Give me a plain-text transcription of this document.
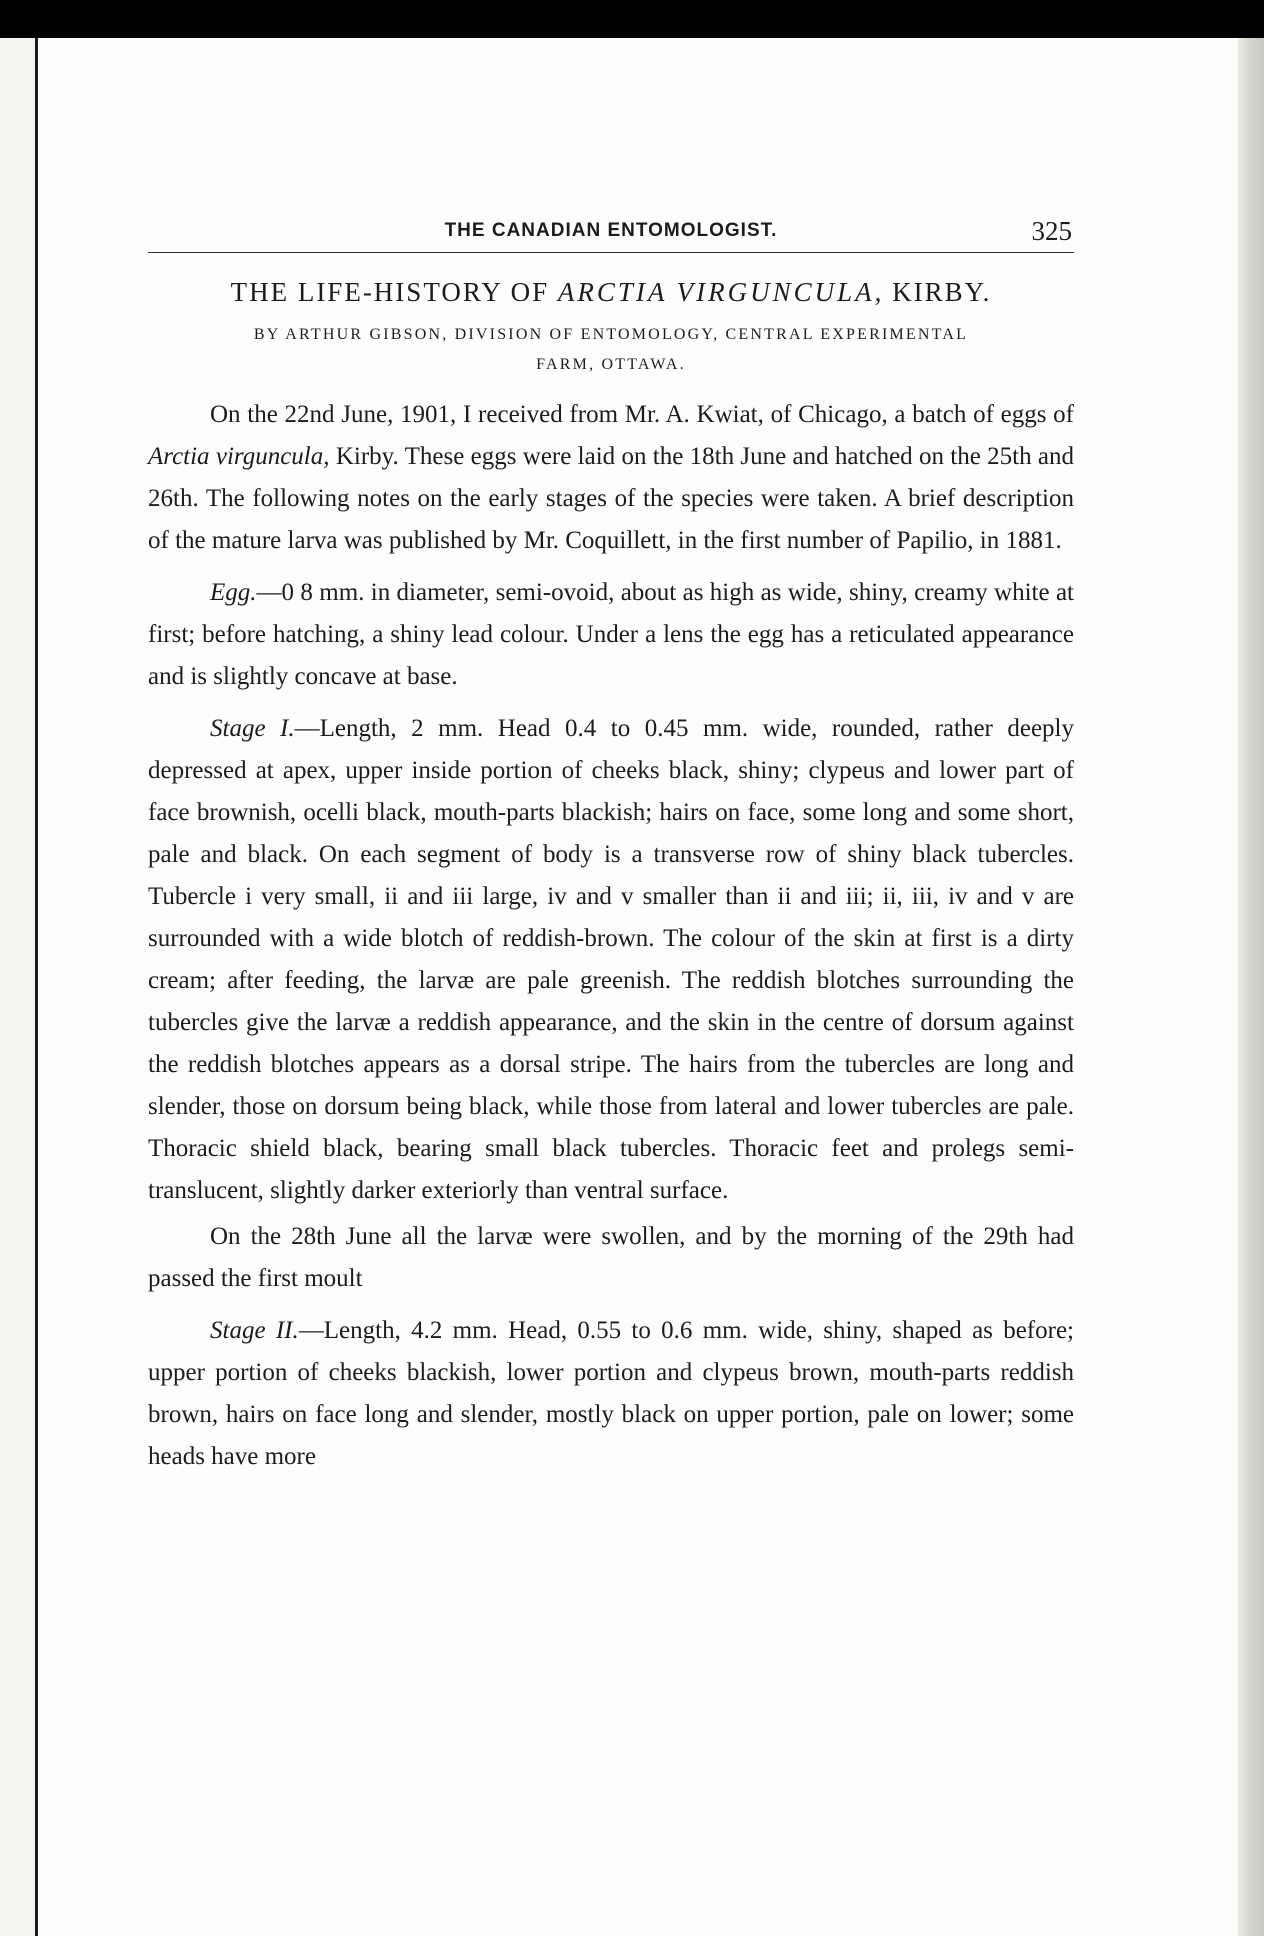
THE CANADIAN ENTOMOLOGIST.	325
THE LIFE-HISTORY OF ARCTIA VIRGUNCULA, KIRBY.
BY ARTHUR GIBSON, DIVISION OF ENTOMOLOGY, CENTRAL EXPERIMENTAL
FARM, OTTAWA.

On the 22nd June, 1901, I received from Mr. A. Kwiat, of Chicago, a batch of eggs of Arctia virguncula, Kirby. These eggs were laid on the 18th June and hatched on the 25th and 26th. The following notes on the early stages of the species were taken. A brief description of the mature larva was published by Mr. Coquillett, in the first number of Papilio, in 1881.

Egg.—0 8 mm. in diameter, semi-ovoid, about as high as wide, shiny, creamy white at first; before hatching, a shiny lead colour. Under a lens the egg has a reticulated appearance and is slightly concave at base.

Stage I.—Length, 2 mm. Head 0.4 to 0.45 mm. wide, rounded, rather deeply depressed at apex, upper inside portion of cheeks black, shiny; clypeus and lower part of face brownish, ocelli black, mouth-parts blackish; hairs on face, some long and some short, pale and black. On each segment of body is a transverse row of shiny black tubercles. Tubercle i very small, ii and iii large, iv and v smaller than ii and iii; ii, iii, iv and v are surrounded with a wide blotch of reddish-brown. The colour of the skin at first is a dirty cream; after feeding, the larvæ are pale greenish. The reddish blotches surrounding the tubercles give the larvæ a reddish appearance, and the skin in the centre of dorsum against the reddish blotches appears as a dorsal stripe. The hairs from the tubercles are long and slender, those on dorsum being black, while those from lateral and lower tubercles are pale. Thoracic shield black, bearing small black tubercles. Thoracic feet and prolegs semi-translucent, slightly darker exteriorly than ventral surface.

On the 28th June all the larvæ were swollen, and by the morning of the 29th had passed the first moult

Stage II.—Length, 4.2 mm. Head, 0.55 to 0.6 mm. wide, shiny, shaped as before; upper portion of cheeks blackish, lower portion and clypeus brown, mouth-parts reddish brown, hairs on face long and slender, mostly black on upper portion, pale on lower; some heads have more
